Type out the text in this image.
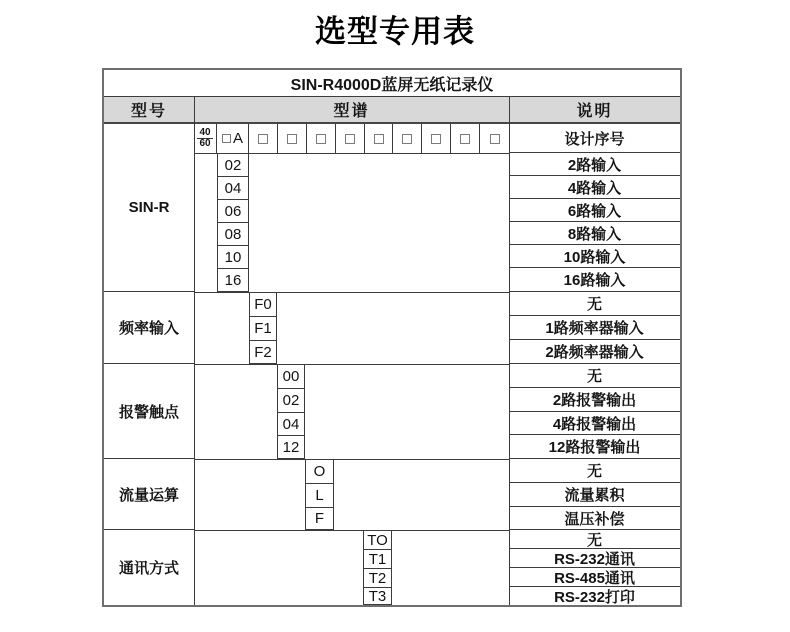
选型专用表
SIN-R4000D蓝屏无纸记录仪
型号	型谱	说明
$\frac{40}{60}$ A
SIN-R
频率输入
报警触点
流量运算
通讯方式
02
04
06
08
10
16
F0
F1
F2
00
02
04
12
O
L
F
TO
T1
T2
T3
设计序号
2路输入
4路输入
6路输入
8路输入
10路输入
16路输入
无
1路频率器输入
2路频率器输入
无
2路报警输出
4路报警输出
12路报警输出
无
流量累积
温压补偿
无
RS-232通讯
RS-485通讯
RS-232打印
